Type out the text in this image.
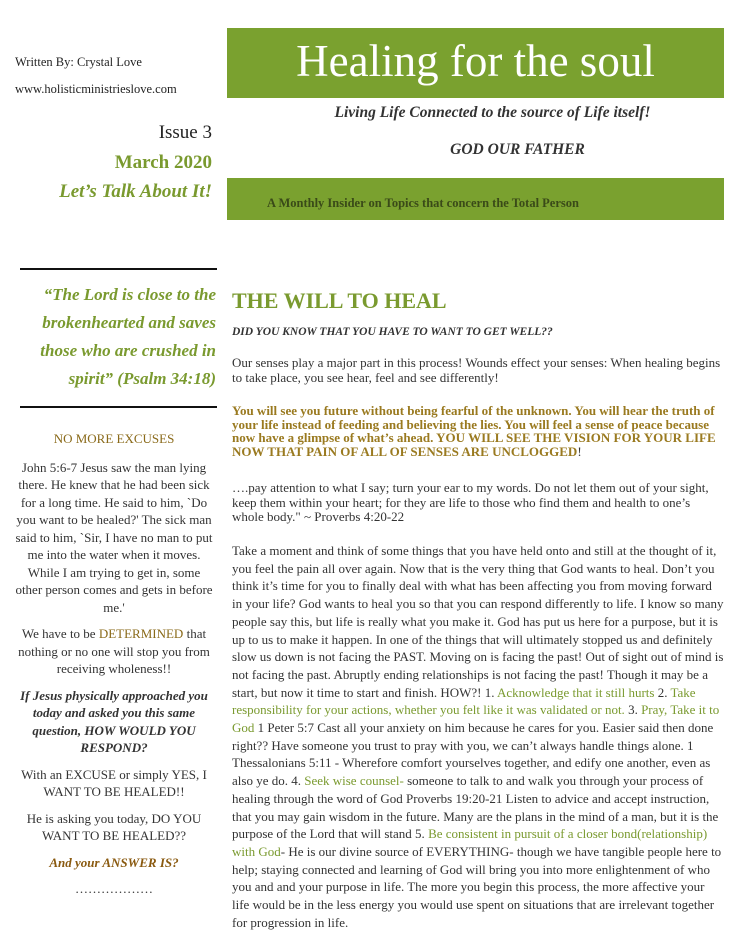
Written By: Crystal Love
www.holisticministrieslove.com
Issue 3
March 2020
Let’s Talk About It!
Healing for the soul
Living Life Connected to the source of Life itself!
GOD OUR FATHER
A Monthly Insider on Topics that concern the Total Person
“The Lord is close to the brokenhearted and saves those who are crushed in spirit” (Psalm 34:18)

NO MORE EXCUSES

John 5:6-7 Jesus saw the man lying there. He knew that he had been sick for a long time. He said to him, `Do you want to be healed?' The sick man said to him, `Sir, I have no man to put me into the water when it moves. While I am trying to get in, some other person comes and gets in before me.'

We have to be DETERMINED that nothing or no one will stop you from receiving wholeness!!

If Jesus physically approached you today and asked you this same question, HOW WOULD YOU RESPOND?

With an EXCUSE or simply YES, I WANT TO BE HEALED!!

He is asking you today, DO YOU WANT TO BE HEALED??

And your ANSWER IS?

………………

THE WILL TO HEAL
DID YOU KNOW THAT YOU HAVE TO WANT TO GET WELL??
Our senses play a major part in this process! Wounds effect your senses: When healing begins to take place, you see hear, feel and see differently!
You will see you future without being fearful of the unknown. You will hear the truth of your life instead of feeding and believing the lies. You will feel a sense of peace because now have a glimpse of what’s ahead. YOU WILL SEE THE VISION FOR YOUR LIFE NOW THAT PAIN OF ALL OF SENSES ARE UNCLOGGED!
….pay attention to what I say; turn your ear to my words. Do not let them out of your sight, keep them within your heart; for they are life to those who find them and health to one’s whole body." ~ Proverbs 4:20-22
Take a moment and think of some things that you have held onto and still at the thought of it, you feel the pain all over again. Now that is the very thing that God wants to heal. Don’t you think it’s time for you to finally deal with what has been affecting you from moving forward in your life? God wants to heal you so that you can respond differently to life. I know so many people say this, but life is really what you make it. God has put us here for a purpose, but it is up to us to make it happen. In one of the things that will ultimately stopped us and definitely slow us down is not facing the PAST. Moving on is facing the past! Out of sight out of mind is not facing the past. Abruptly ending relationships is not facing the past! Though it may be a start, but now it time to start and finish. HOW?! 1. Acknowledge that it still hurts 2. Take responsibility for your actions, whether you felt like it was validated or not. 3. Pray, Take it to God 1 Peter 5:7 Cast all your anxiety on him because he cares for you. Easier said then done right?? Have someone you trust to pray with you, we can’t always handle things alone. 1 Thessalonians 5:11 - Wherefore comfort yourselves together, and edify one another, even as also ye do. 4. Seek wise counsel- someone to talk to and walk you through your process of healing through the word of God Proverbs 19:20-21 Listen to advice and accept instruction, that you may gain wisdom in the future. Many are the plans in the mind of a man, but it is the purpose of the Lord that will stand 5. Be consistent in pursuit of a closer bond(relationship) with God- He is our divine source of EVERYTHING- though we have tangible people here to help; staying connected and learning of God will bring you into more enlightenment of who you and and your purpose in life. The more you begin this process, the more affective your life would be in the less energy you would use spent on situations that are irrelevant together for progression in life.
